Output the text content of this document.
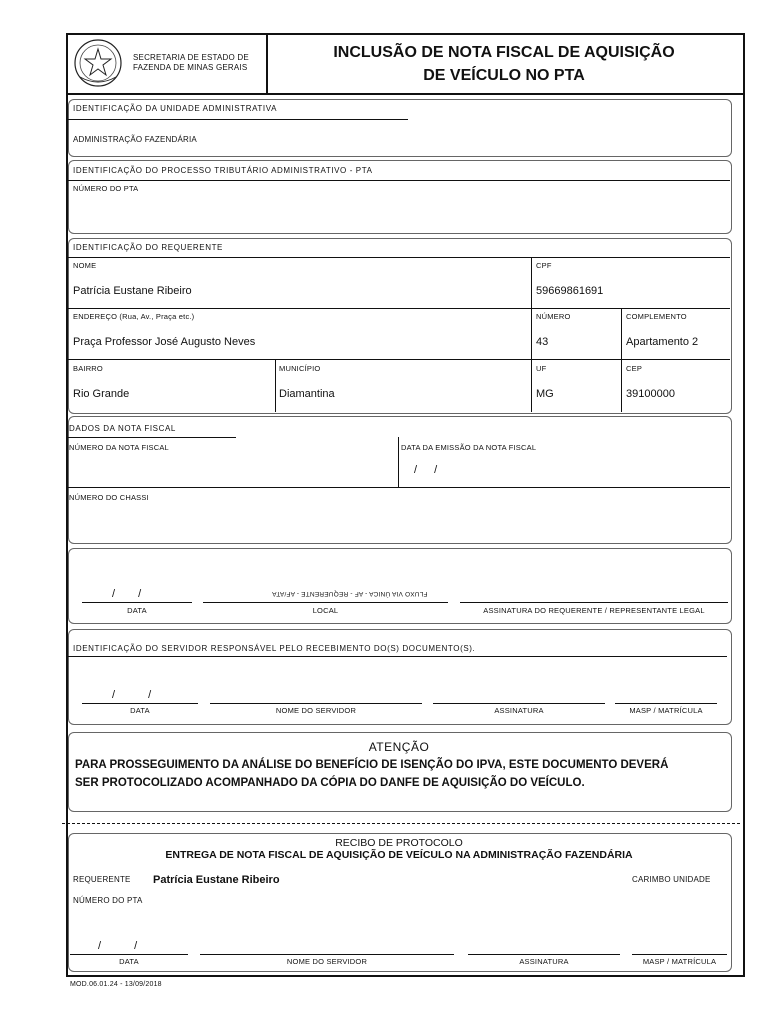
SECRETARIA DE ESTADO DE
FAZENDA DE MINAS GERAIS
INCLUSÃO DE NOTA FISCAL DE AQUISIÇÃO
DE VEÍCULO NO PTA
IDENTIFICAÇÃO DA UNIDADE ADMINISTRATIVA
ADMINISTRAÇÃO FAZENDÁRIA
IDENTIFICAÇÃO DO PROCESSO TRIBUTÁRIO ADMINISTRATIVO - PTA
NÚMERO DO PTA
IDENTIFICAÇÃO DO REQUERENTE
NOME
Patrícia Eustane Ribeiro
CPF
59669861691
ENDEREÇO (Rua, Av., Praça etc.)
Praça Professor José Augusto Neves
NÚMERO
43
COMPLEMENTO
Apartamento 2
BAIRRO
Rio Grande
MUNICÍPIO
Diamantina
UF
MG
CEP
39100000
DADOS DA NOTA FISCAL
NÚMERO DA NOTA FISCAL	DATA DA EMISSÃO DA NOTA FISCAL
/ /
NÚMERO DO CHASSI
/ /	FLUXO VIA ÚNICA - AF - REQUERENTE - AF/ATA
DATA	LOCAL	ASSINATURA DO REQUERENTE / REPRESENTANTE LEGAL
IDENTIFICAÇÃO DO SERVIDOR RESPONSÁVEL PELO RECEBIMENTO DO(S) DOCUMENTO(S).
/ /
DATA	NOME DO SERVIDOR	ASSINATURA	MASP / MATRÍCULA
ATENÇÃO
PARA PROSSEGUIMENTO DA ANÁLISE DO BENEFÍCIO DE ISENÇÃO DO IPVA, ESTE DOCUMENTO DEVERÁ
SER PROTOCOLIZADO ACOMPANHADO DA CÓPIA DO DANFE DE AQUISIÇÃO DO VEÍCULO.
RECIBO DE PROTOCOLO
ENTREGA DE NOTA FISCAL DE AQUISIÇÃO DE VEÍCULO NA ADMINISTRAÇÃO FAZENDÁRIA
REQUERENTE Patrícia Eustane Ribeiro	CARIMBO UNIDADE
NÚMERO DO PTA
/ /
DATA	NOME DO SERVIDOR	ASSINATURA	MASP / MATRÍCULA
MOD.06.01.24 - 13/09/2018
